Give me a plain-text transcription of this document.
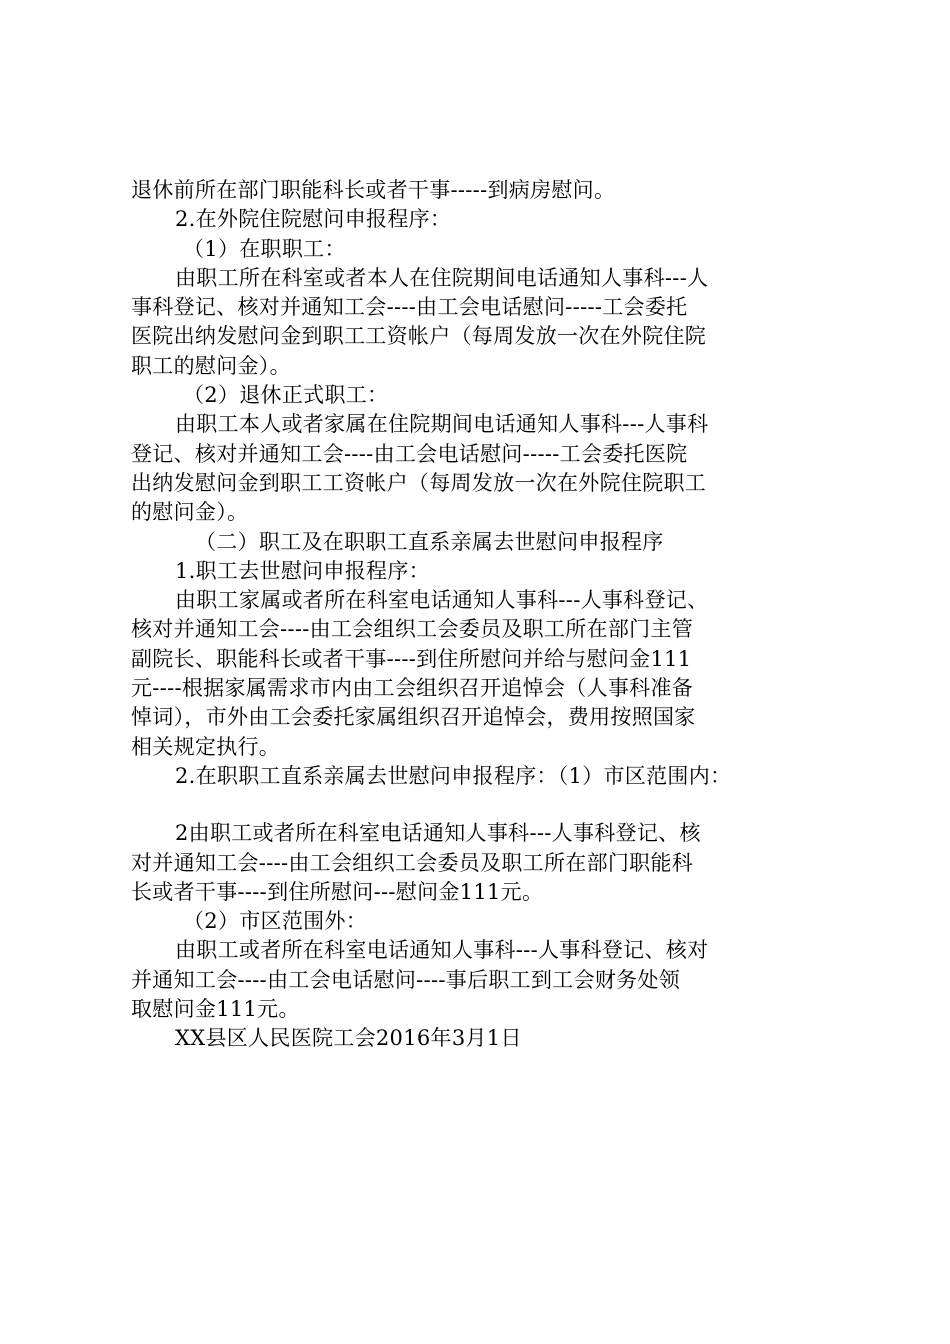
退休前所在部门职能科长或者干事-----到病房慰问。
2.在外院住院慰问申报程序：
（1）在职职工：
由职工所在科室或者本人在住院期间电话通知人事科---人
事科登记、核对并通知工会----由工会电话慰问-----工会委托
医院出纳发慰问金到职工工资帐户（每周发放一次在外院住院
职工的慰问金）。
（2）退休正式职工：
由职工本人或者家属在住院期间电话通知人事科---人事科
登记、核对并通知工会----由工会电话慰问-----工会委托医院
出纳发慰问金到职工工资帐户（每周发放一次在外院住院职工
的慰问金）。
（二）职工及在职职工直系亲属去世慰问申报程序
1.职工去世慰问申报程序：
由职工家属或者所在科室电话通知人事科---人事科登记、
核对并通知工会----由工会组织工会委员及职工所在部门主管
副院长、职能科长或者干事----到住所慰问并给与慰问金111
元----根据家属需求市内由工会组织召开追悼会（人事科准备
悼词），市外由工会委托家属组织召开追悼会，费用按照国家
相关规定执行。
2.在职职工直系亲属去世慰问申报程序：（1）市区范围内：
2由职工或者所在科室电话通知人事科---人事科登记、核
对并通知工会----由工会组织工会委员及职工所在部门职能科
长或者干事----到住所慰问---慰问金111元。
（2）市区范围外：
由职工或者所在科室电话通知人事科---人事科登记、核对
并通知工会----由工会电话慰问----事后职工到工会财务处领
取慰问金111元。
XX县区人民医院工会2016年3月1日
